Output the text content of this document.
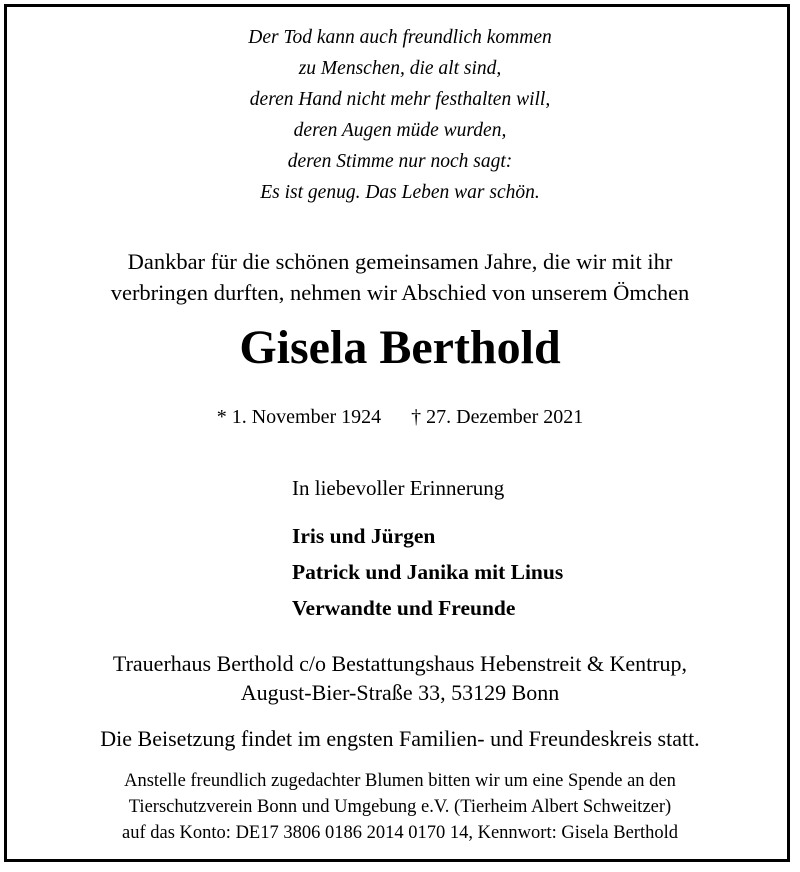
Der Tod kann auch freundlich kommen
zu Menschen, die alt sind,
deren Hand nicht mehr festhalten will,
deren Augen müde wurden,
deren Stimme nur noch sagt:
Es ist genug. Das Leben war schön.
Dankbar für die schönen gemeinsamen Jahre, die wir mit ihr
verbringen durften, nehmen wir Abschied von unserem Ömchen
Gisela Berthold
* 1. November 1924 † 27. Dezember 2021
In liebevoller Erinnerung
Iris und Jürgen
Patrick und Janika mit Linus
Verwandte und Freunde
Trauerhaus Berthold c/o Bestattungshaus Hebenstreit & Kentrup,
August-Bier-Straße 33, 53129 Bonn
Die Beisetzung findet im engsten Familien- und Freundeskreis statt.
Anstelle freundlich zugedachter Blumen bitten wir um eine Spende an den
Tierschutzverein Bonn und Umgebung e.V. (Tierheim Albert Schweitzer)
auf das Konto: DE17 3806 0186 2014 0170 14, Kennwort: Gisela Berthold
